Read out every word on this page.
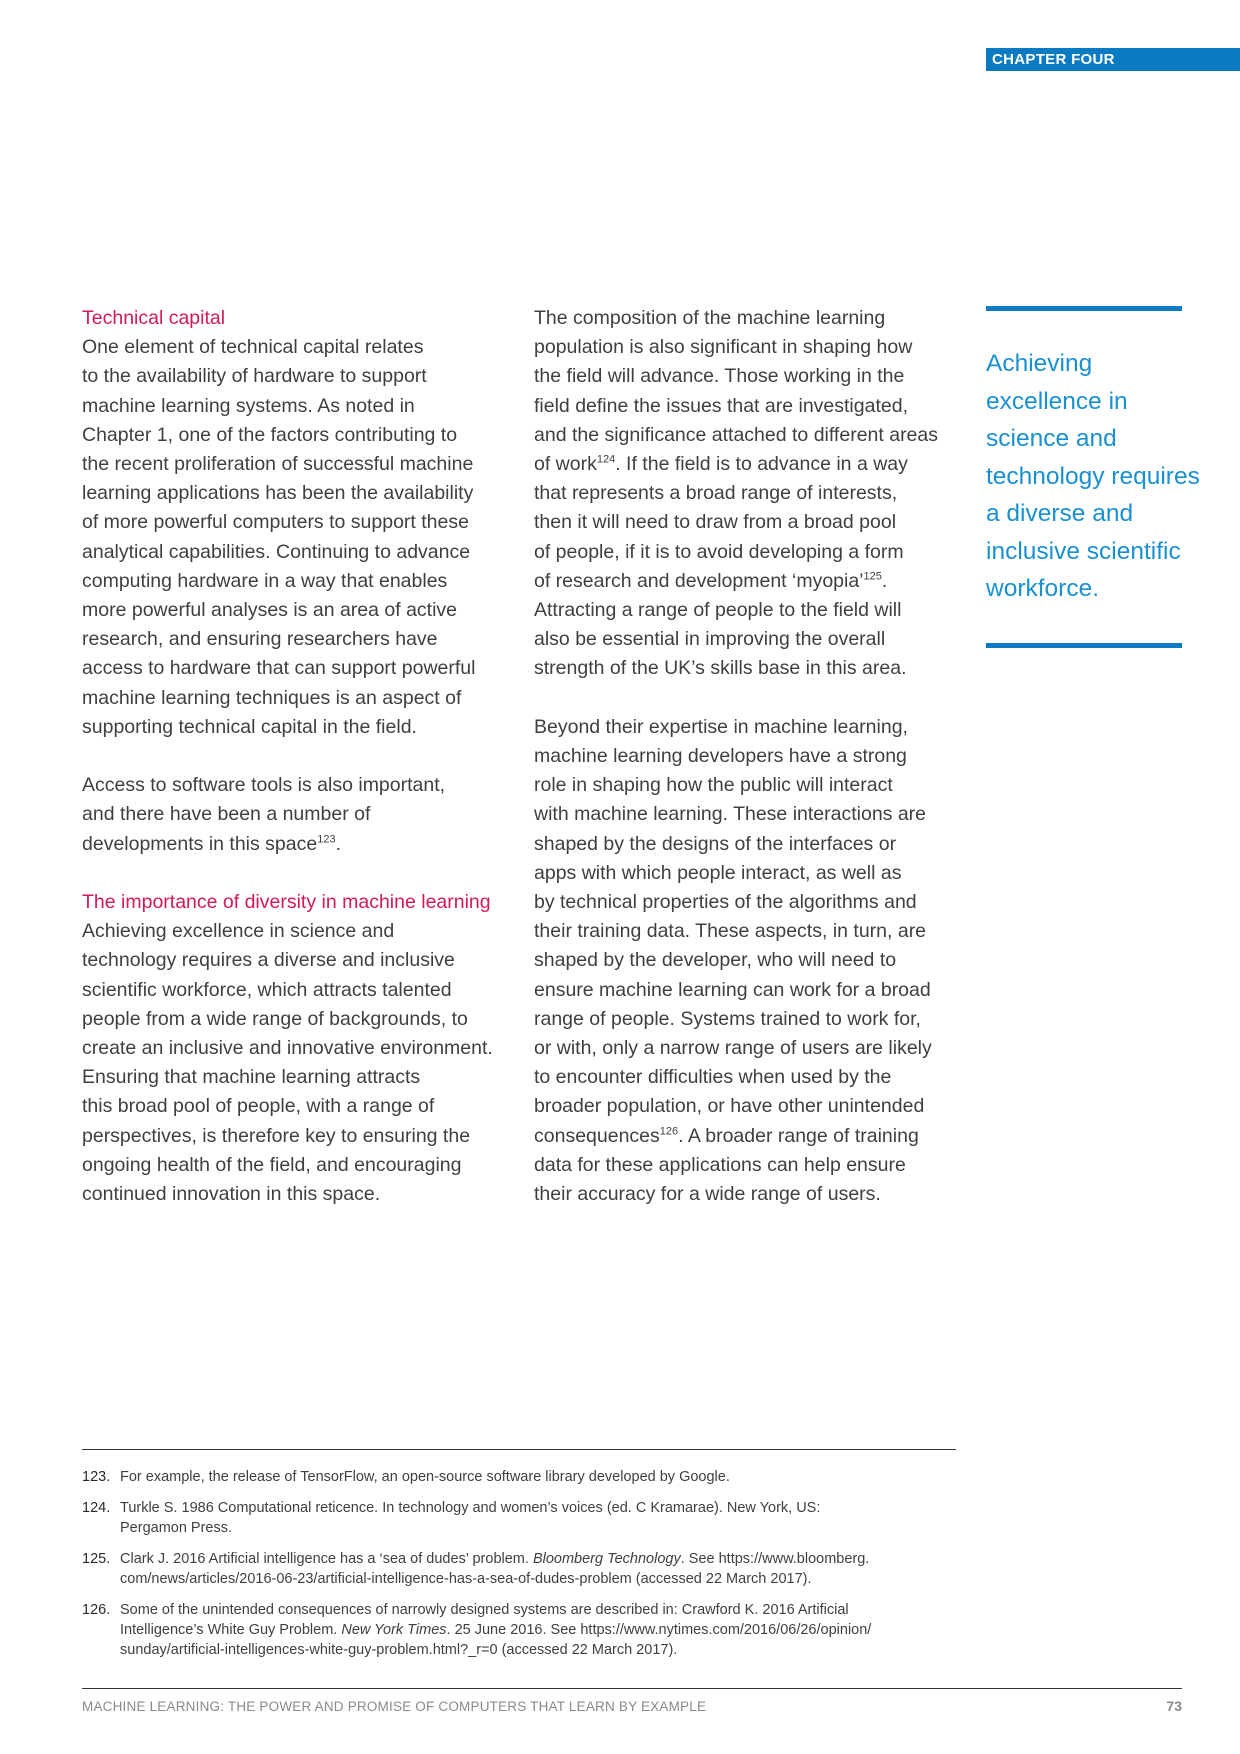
CHAPTER FOUR

Technical capital
One element of technical capital relates
to the availability of hardware to support
machine learning systems. As noted in
Chapter 1, one of the factors contributing to
the recent proliferation of successful machine
learning applications has been the availability
of more powerful computers to support these
analytical capabilities. Continuing to advance
computing hardware in a way that enables
more powerful analyses is an area of active
research, and ensuring researchers have
access to hardware that can support powerful
machine learning techniques is an aspect of
supporting technical capital in the field.

Access to software tools is also important,
and there have been a number of
developments in this space$^{123}$.

The importance of diversity in machine learning
Achieving excellence in science and
technology requires a diverse and inclusive
scientific workforce, which attracts talented
people from a wide range of backgrounds, to
create an inclusive and innovative environment.
Ensuring that machine learning attracts
this broad pool of people, with a range of
perspectives, is therefore key to ensuring the
ongoing health of the field, and encouraging
continued innovation in this space.

The composition of the machine learning
population is also significant in shaping how
the field will advance. Those working in the
field define the issues that are investigated,
and the significance attached to different areas
of work$^{124}$. If the field is to advance in a way
that represents a broad range of interests,
then it will need to draw from a broad pool
of people, if it is to avoid developing a form
of research and development ‘myopia’$^{125}$.
Attracting a range of people to the field will
also be essential in improving the overall
strength of the UK’s skills base in this area.

Beyond their expertise in machine learning,
machine learning developers have a strong
role in shaping how the public will interact
with machine learning. These interactions are
shaped by the designs of the interfaces or
apps with which people interact, as well as
by technical properties of the algorithms and
their training data. These aspects, in turn, are
shaped by the developer, who will need to
ensure machine learning can work for a broad
range of people. Systems trained to work for,
or with, only a narrow range of users are likely
to encounter difficulties when used by the
broader population, or have other unintended
consequences$^{126}$. A broader range of training
data for these applications can help ensure
their accuracy for a wide range of users.

Achieving
excellence in
science and
technology requires
a diverse and
inclusive scientific
workforce.
123. For example, the release of TensorFlow, an open-source software library developed by Google.
124. Turkle S. 1986 Computational reticence. In technology and women’s voices (ed. C Kramarae). New York, US:
Pergamon Press.
125. Clark J. 2016 Artificial intelligence has a ‘sea of dudes’ problem. Bloomberg Technology. See https://www.bloomberg.
com/news/articles/2016-06-23/artificial-intelligence-has-a-sea-of-dudes-problem (accessed 22 March 2017).
126. Some of the unintended consequences of narrowly designed systems are described in: Crawford K. 2016 Artificial
Intelligence’s White Guy Problem. New York Times. 25 June 2016. See https://www.nytimes.com/2016/06/26/opinion/
sunday/artificial-intelligences-white-guy-problem.html?_r=0 (accessed 22 March 2017).
MACHINE LEARNING: THE POWER AND PROMISE OF COMPUTERS THAT LEARN BY EXAMPLE	73
